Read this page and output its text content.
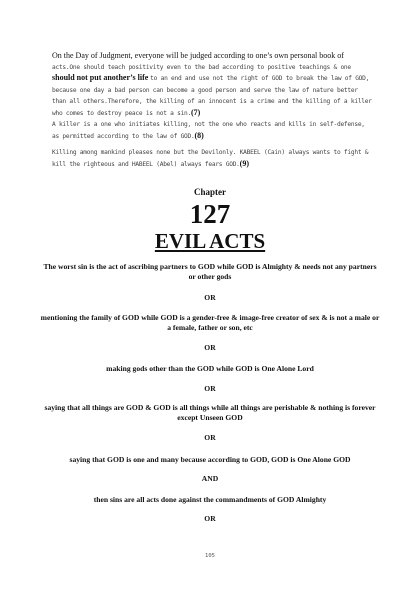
On the Day of Judgment, everyone will be judged according to one’s own personal book of acts.One should teach positivity even to the bad according to positive teachings & one should not put another’s life to an end and use not the right of GOD to break the law of GOD, because one day a bad person can become a good person and serve the law of nature better than all others.Therefore, the killing of an innocent is a crime and the killing of a killer who comes to destroy peace is not a sin.(7)
A killer is a one who initiates killing, not the one who reacts and kills in self-defense, as permitted according to the law of GOD.(8)
Killing among mankind pleases none but the Devilonly. KABEEL (Cain) always wants to fight & kill the righteous and HABEEL (Abel) always fears GOD.(9)
Chapter
127
EVIL ACTS
The worst sin is the act of ascribing partners to GOD while GOD is Almighty & needs not any partners or other gods
OR
mentioning the family of GOD while GOD is a gender-free & image-free creator of sex & is not a male or a female, father or son, etc
OR
making gods other than the GOD while GOD is One Alone Lord
OR
saying that all things are GOD & GOD is all things while all things are perishable & nothing is forever except Unseen GOD
OR
saying that GOD is one and many because according to GOD, GOD is One Alone GOD
AND
then sins are all acts done against the commandments of GOD Almighty
OR
105
